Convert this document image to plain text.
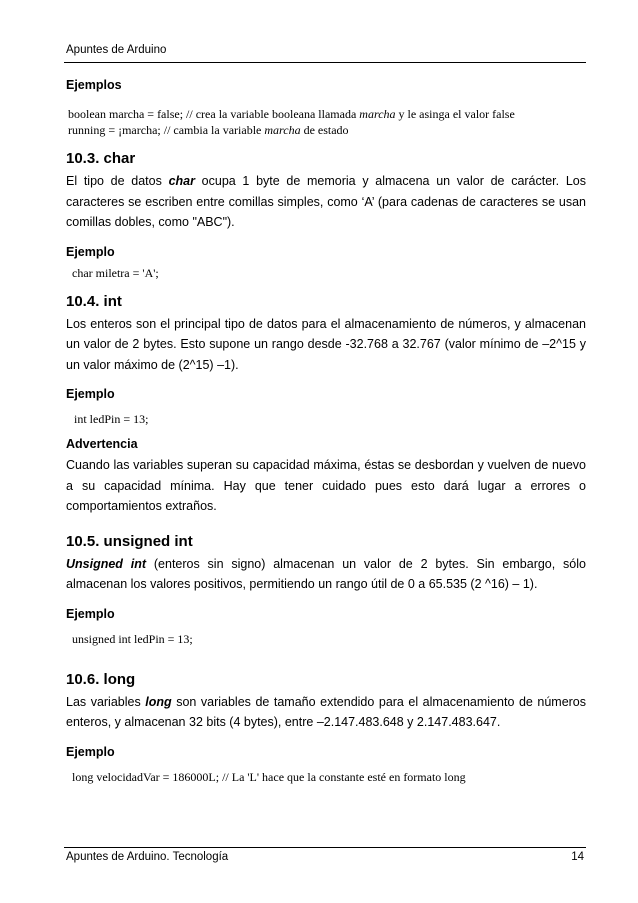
Apuntes de Arduino

Ejemplos

boolean marcha = false; // crea la variable booleana llamada marcha y le asinga el valor false

running = ¡marcha; // cambia la variable marcha de estado

10.3. char

El tipo de datos char ocupa 1 byte de memoria y almacena un valor de carácter. Los caracteres se escriben entre comillas simples, como ‘A’ (para cadenas de caracteres se usan comillas dobles, como "ABC").

Ejemplo

char miletra = 'A';

10.4. int

Los enteros son el principal tipo de datos para el almacenamiento de números, y almacenan un valor de 2 bytes. Esto supone un rango desde -32.768 a 32.767 (valor mínimo de –2^15 y un valor máximo de (2^15) –1).

Ejemplo

int ledPin = 13;

Advertencia

Cuando las variables superan su capacidad máxima, éstas se desbordan y vuelven de nuevo a su capacidad mínima. Hay que tener cuidado pues esto dará lugar a errores o comportamientos extraños.

10.5. unsigned int

Unsigned int (enteros sin signo) almacenan un valor de 2 bytes. Sin embargo, sólo almacenan los valores positivos, permitiendo un rango útil de 0 a 65.535 (2 ^16) – 1).

Ejemplo

unsigned int ledPin = 13;

10.6. long

Las variables long son variables de tamaño extendido para el almacenamiento de números enteros, y almacenan 32 bits (4 bytes), entre –2.147.483.648 y 2.147.483.647.

Ejemplo

long velocidadVar = 186000L; // La 'L' hace que la constante esté en formato long

Apuntes de Arduino. Tecnología	14
